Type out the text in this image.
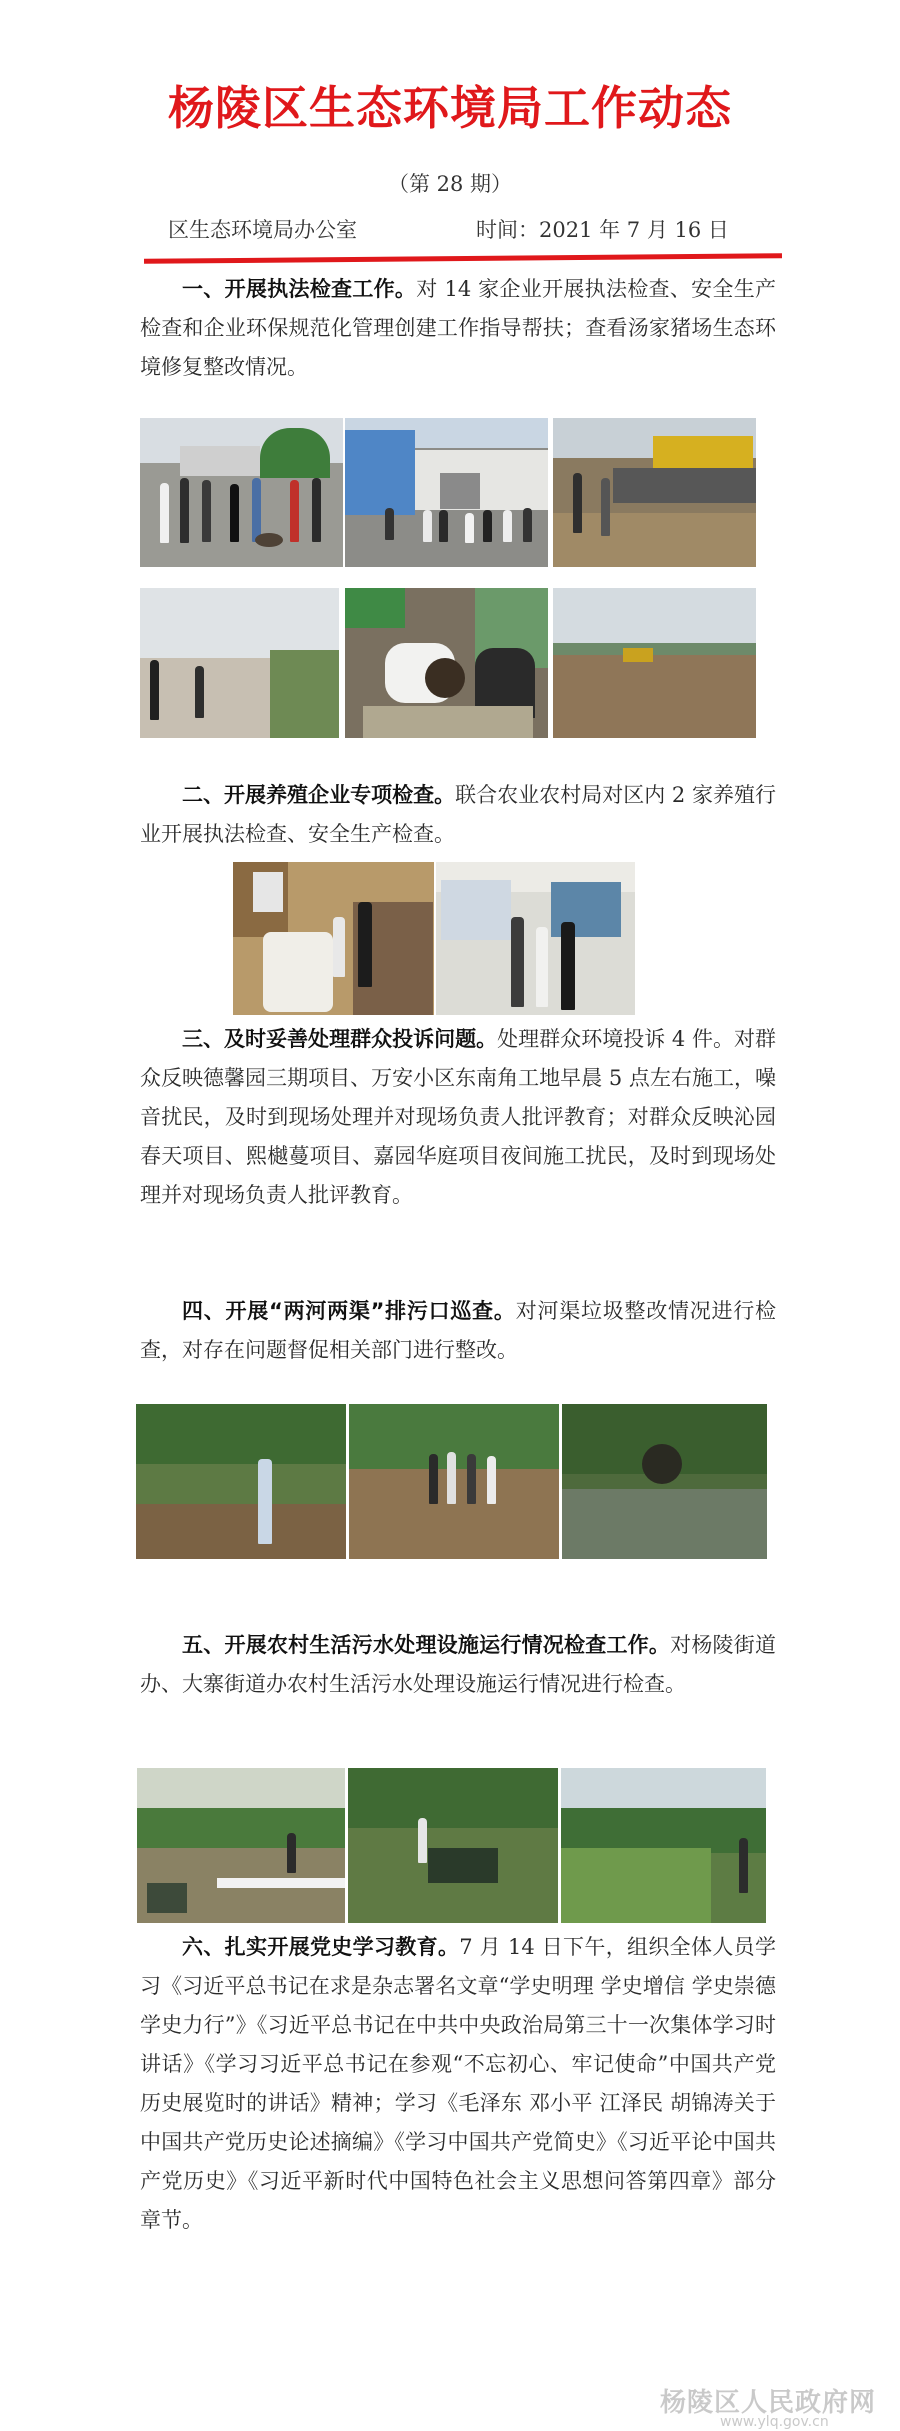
杨陵区生态环境局工作动态
（第 28 期）
区生态环境局办公室	时间：2021 年 7 月 16 日
一、开展执法检查工作。对 14 家企业开展执法检查、安全生产检查和企业环保规范化管理创建工作指导帮扶；查看汤家猪场生态环境修复整改情况。
二、开展养殖企业专项检查。联合农业农村局对区内 2 家养殖行业开展执法检查、安全生产检查。
三、及时妥善处理群众投诉问题。处理群众环境投诉 4 件。对群众反映德馨园三期项目、万安小区东南角工地早晨 5 点左右施工，噪音扰民，及时到现场处理并对现场负责人批评教育；对群众反映沁园春天项目、熙樾蔓项目、嘉园华庭项目夜间施工扰民，及时到现场处理并对现场负责人批评教育。
四、开展“两河两渠”排污口巡查。对河渠垃圾整改情况进行检查，对存在问题督促相关部门进行整改。
五、开展农村生活污水处理设施运行情况检查工作。对杨陵街道办、大寨街道办农村生活污水处理设施运行情况进行检查。
六、扎实开展党史学习教育。7 月 14 日下午，组织全体人员学习《习近平总书记在求是杂志署名文章“学史明理 学史增信 学史崇德 学史力行”》《习近平总书记在中共中央政治局第三十一次集体学习时讲话》《学习习近平总书记在参观“不忘初心、牢记使命”中国共产党历史展览时的讲话》精神；学习《毛泽东 邓小平 江泽民 胡锦涛关于中国共产党历史论述摘编》《学习中国共产党简史》《习近平论中国共产党历史》《习近平新时代中国特色社会主义思想问答第四章》部分章节。
杨陵区人民政府网
www.ylq.gov.cn
